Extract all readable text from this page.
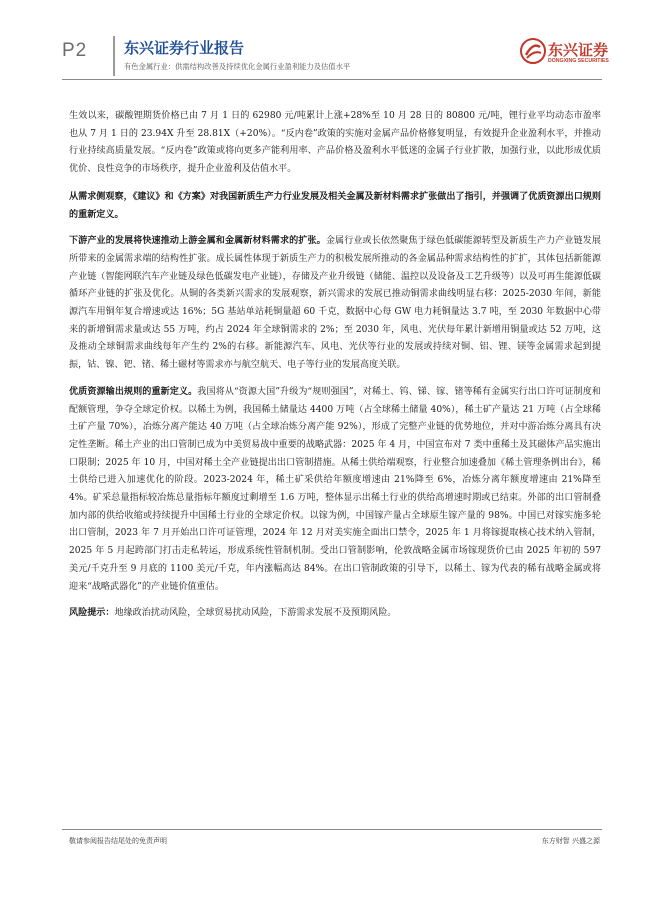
P2 东兴证券行业报告
有色金属行业：供需结构改善及持续优化金属行业盈利能力及估值水平
东兴证券
DONGXING SECURITIES

生效以来，碳酸锂期货价格已由 7 月 1 日的 62980 元/吨累计上涨+28%至 10 月 28 日的 80800 元/吨，锂行业平均动态市盈率也从 7 月 1 日的 23.94X 升至 28.81X（+20%）。“反内卷”政策的实施对金属产品价格修复明显，有效提升企业盈利水平，并推动行业持续高质量发展。“反内卷”政策或将向更多产能利用率、产品价格及盈利水平低迷的金属子行业扩散，加强行业，以此形成优质优价、良性竞争的市场秩序，提升企业盈利及估值水平。

从需求侧观察，《建议》和《方案》对我国新质生产力行业发展及相关金属及新材料需求扩张做出了指引，并强调了优质资源出口规则的重新定义。

下游产业的发展将快速推动上游金属和金属新材料需求的扩张。金属行业或长依然聚焦于绿色低碳能源转型及新质生产力产业链发展所带来的金属需求端的结构性扩张。成长属性体现于新质生产力的积极发展所推动的各金属品种需求结构性的扩扩，其体包括新能源产业链（智能网联汽车产业链及绿色低碳发电产业链），存储及产业升级链（储能、温控以及设备及工艺升级等）以及可再生能源低碳循环产业链的扩张及优化。从铜的各类新兴需求的发展观察，新兴需求的发展已推动铜需求曲线明显右移：2025-2030 年间，新能源汽车用铜年复合增速或达 16%；5G 基站单站耗铜量超 60 千克，数据中心每 GW 电力耗铜量达 3.7 吨，至 2030 年数据中心带来的新增铜需求量或达 55 万吨，约占 2024 年全球铜需求的 2%；至 2030 年，风电、光伏每年累计新增用铜量或达 52 万吨，这及推动全球铜需求曲线每年产生约 2%的右移。新能源汽车、风电、光伏等行业的发展或持续对铜、铝、锂、镁等金属需求起到提振，钴、镍、钯、锗、稀土磁材等需求亦与航空航天、电子等行业的发展高度关联。

优质资源输出规则的重新定义。我国将从“资源大国”升级为“规则强国”，对稀土、钨、锑、镓、锗等稀有金属实行出口许可证制度和配额管理，争夺全球定价权。以稀土为例，我国稀土储量达 4400 万吨（占全球稀土储量 40%），稀土矿产量达 21 万吨（占全球稀土矿产量 70%），冶炼分离产能达 40 万吨（占全球冶炼分离产能 92%），形成了完整产业链的优势地位，并对中游冶炼分离具有决定性垄断。稀土产业的出口管制已成为中美贸易战中重要的战略武器：2025 年 4 月，中国宣布对 7 类中重稀土及其磁体产品实施出口限制；2025 年 10 月，中国对稀土全产业链提出出口管制措施。从稀土供给端观察，行业整合加速叠加《稀土管理条例出台》，稀土供给已进入加速优化的阶段。2023-2024 年，稀土矿采供给年额度增速由 21%降至 6%，冶炼分离年额度增速由 21%降至 4%。矿采总量指标较冶炼总量指标年额度过剩增至 1.6 万吨，整体显示出稀土行业的供给高增速时期或已结束。外部的出口管制叠加内部的供给收缩或持续提升中国稀土行业的全球定价权。以镓为例，中国镓产量占全球原生镓产量的 98%。中国已对镓实施多轮出口管制，2023 年 7 月开始出口许可证管理，2024 年 12 月对美实施全面出口禁令，2025 年 1 月将镓提取核心技术纳入管制，2025 年 5 月起跨部门打击走私转运，形成系统性管制机制。受出口管制影响，伦敦战略金属市场镓现货价已由 2025 年初的 597 美元/千克升至 9 月底的 1100 美元/千克，年内涨幅高达 84%。在出口管制政策的引导下，以稀土、镓为代表的稀有战略金属或将迎来“战略武器化”的产业链价值重估。

风险提示：地缘政治扰动风险，全球贸易扰动风险，下游需求发展不及预期风险。

敬请参阅报告结尾处的免责声明	东方财智 兴盛之源
